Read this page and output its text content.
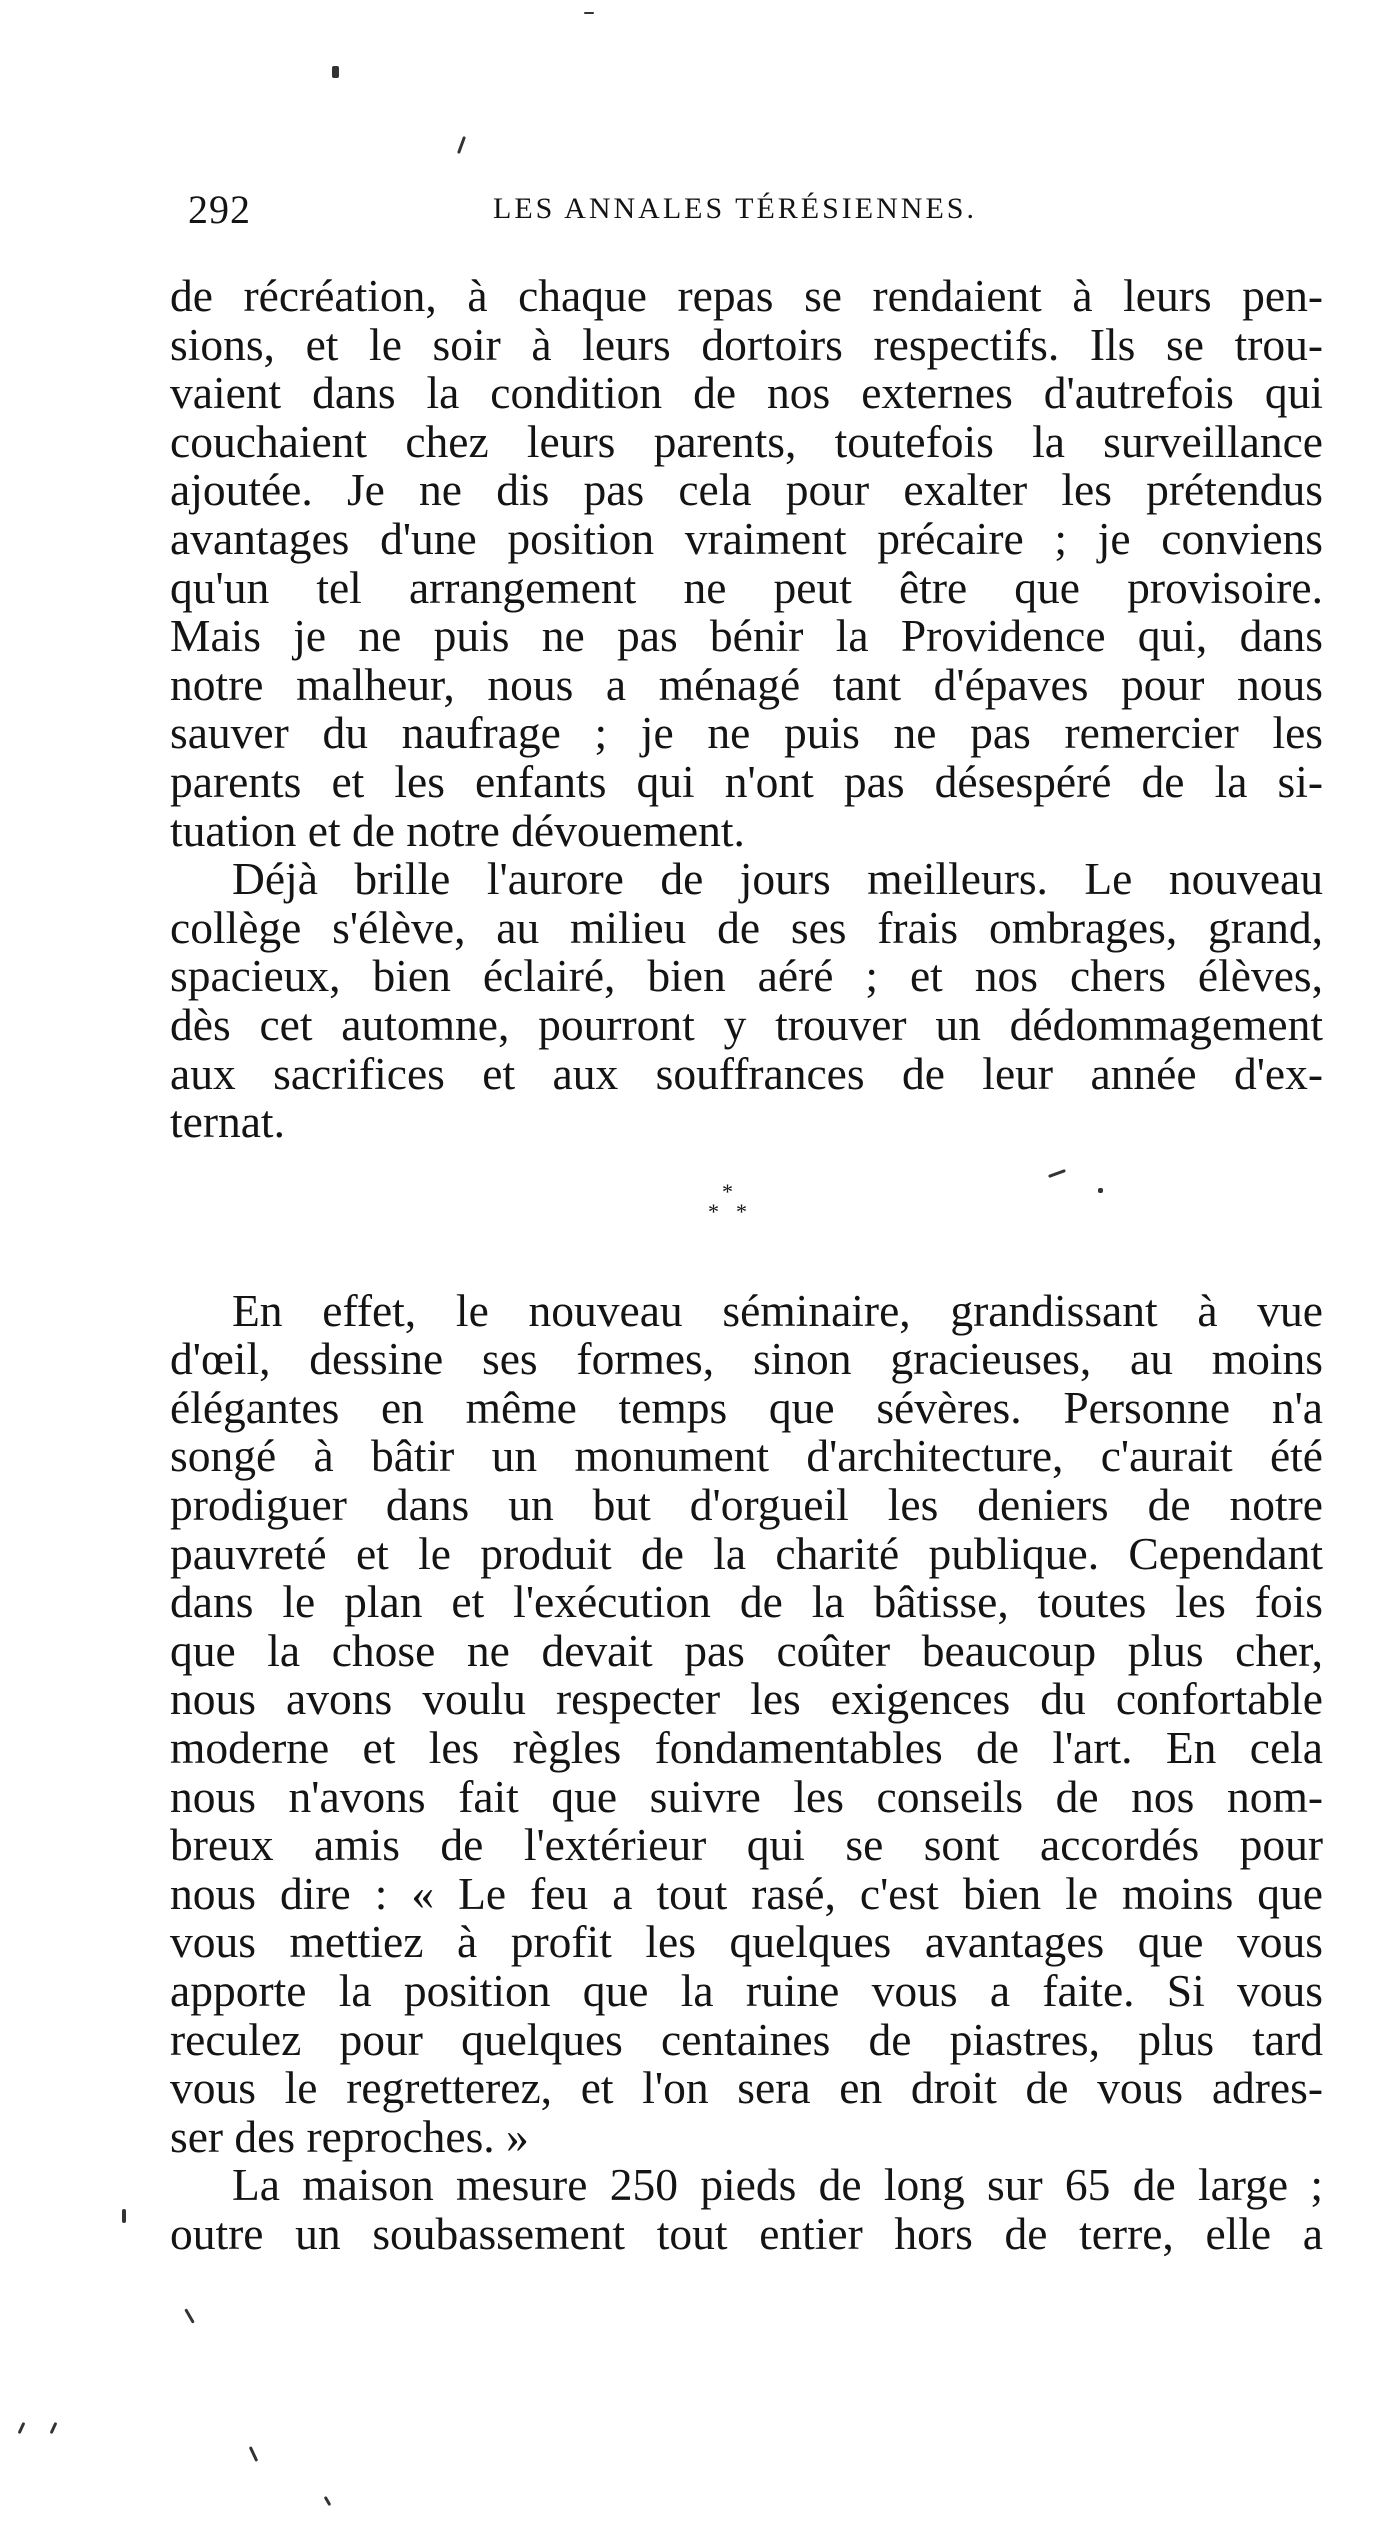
292	LES ANNALES TÉRÉSIENNES.
de récréation, à chaque repas se rendaient à leurs pen-
sions, et le soir à leurs dortoirs respectifs. Ils se trou-
vaient dans la condition de nos externes d'autrefois qui
couchaient chez leurs parents, toutefois la surveillance
ajoutée. Je ne dis pas cela pour exalter les prétendus
avantages d'une position vraiment précaire ; je conviens
qu'un tel arrangement ne peut être que provisoire.
Mais je ne puis ne pas bénir la Providence qui, dans
notre malheur, nous a ménagé tant d'épaves pour nous
sauver du naufrage ; je ne puis ne pas remercier les
parents et les enfants qui n'ont pas désespéré de la si-
tuation et de notre dévouement.
Déjà brille l'aurore de jours meilleurs. Le nouveau
collège s'élève, au milieu de ses frais ombrages, grand,
spacieux, bien éclairé, bien aéré ; et nos chers élèves,
dès cet automne, pourront y trouver un dédommagement
aux sacrifices et aux souffrances de leur année d'ex-
ternat.
*
* *
En effet, le nouveau séminaire, grandissant à vue
d'œil, dessine ses formes, sinon gracieuses, au moins
élégantes en même temps que sévères. Personne n'a
songé à bâtir un monument d'architecture, c'aurait été
prodiguer dans un but d'orgueil les deniers de notre
pauvreté et le produit de la charité publique. Cependant
dans le plan et l'exécution de la bâtisse, toutes les fois
que la chose ne devait pas coûter beaucoup plus cher,
nous avons voulu respecter les exigences du confortable
moderne et les règles fondamentables de l'art. En cela
nous n'avons fait que suivre les conseils de nos nom-
breux amis de l'extérieur qui se sont accordés pour
nous dire : « Le feu a tout rasé, c'est bien le moins que
vous mettiez à profit les quelques avantages que vous
apporte la position que la ruine vous a faite. Si vous
reculez pour quelques centaines de piastres, plus tard
vous le regretterez, et l'on sera en droit de vous adres-
ser des reproches. »
La maison mesure 250 pieds de long sur 65 de large ;
outre un soubassement tout entier hors de terre, elle a
